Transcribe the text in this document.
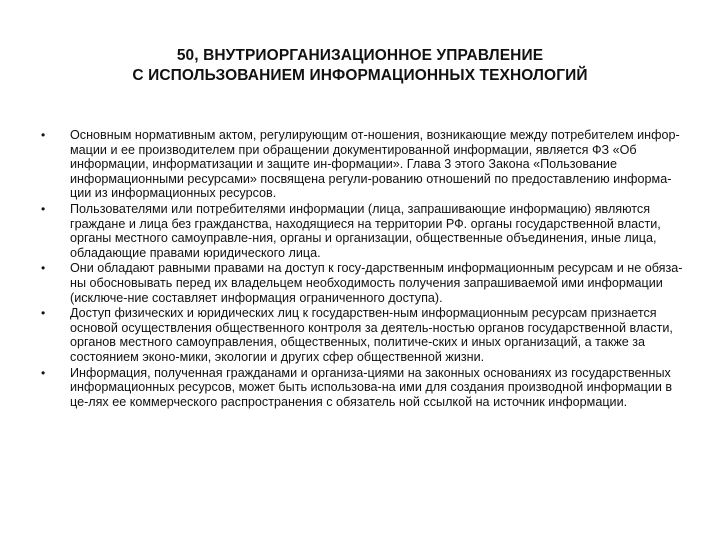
50, ВНУТРИОРГАНИЗАЦИОННОЕ УПРАВЛЕНИЕ
С ИСПОЛЬЗОВАНИЕМ ИНФОРМАЦИОННЫХ ТЕХНОЛОГИЙ
• Основным нормативным актом, регулирующим от-ношения, возникающие между потребителем инфор-мации и ее производителем при обращении документированной информации, является ФЗ «Об информации, информатизации и защите ин-формации». Глава 3 этого Закона «Пользование информационными ресурсами» посвящена регули-рованию отношений по предоставлению информа-ции из информационных ресурсов.
• Пользователями или потребителями информации (лица, запрашивающие информацию) являются граждане и лица без гражданства, находящиеся на территории РФ. органы государственной власти, органы местного самоуправле-ния, органы и организации, общественные объединения, иные лица, обладающие правами юридического лица.
• Они обладают равными правами на доступ к госу-дарственным информационным ресурсам и не обяза-ны обосновывать перед их владельцем необходимость получения запрашиваемой ими информации (исключе-ние составляет информация ограниченного доступа).
• Доступ физических и юридических лиц к государствен-ным информационным ресурсам признается основой осуществления общественного контроля за деятель-ностью органов государственной власти, органов местного самоуправления, общественных, политиче-ских и иных организаций, а также за состоянием эконо-мики, экологии и других сфер общественной жизни.
• Информация, полученная гражданами и организа-циями на законных основаниях из государственных информационных ресурсов, может быть использова-на ими для создания производной информации в це-лях ее коммерческого распространения с обязатель ной ссылкой на источник информации.
